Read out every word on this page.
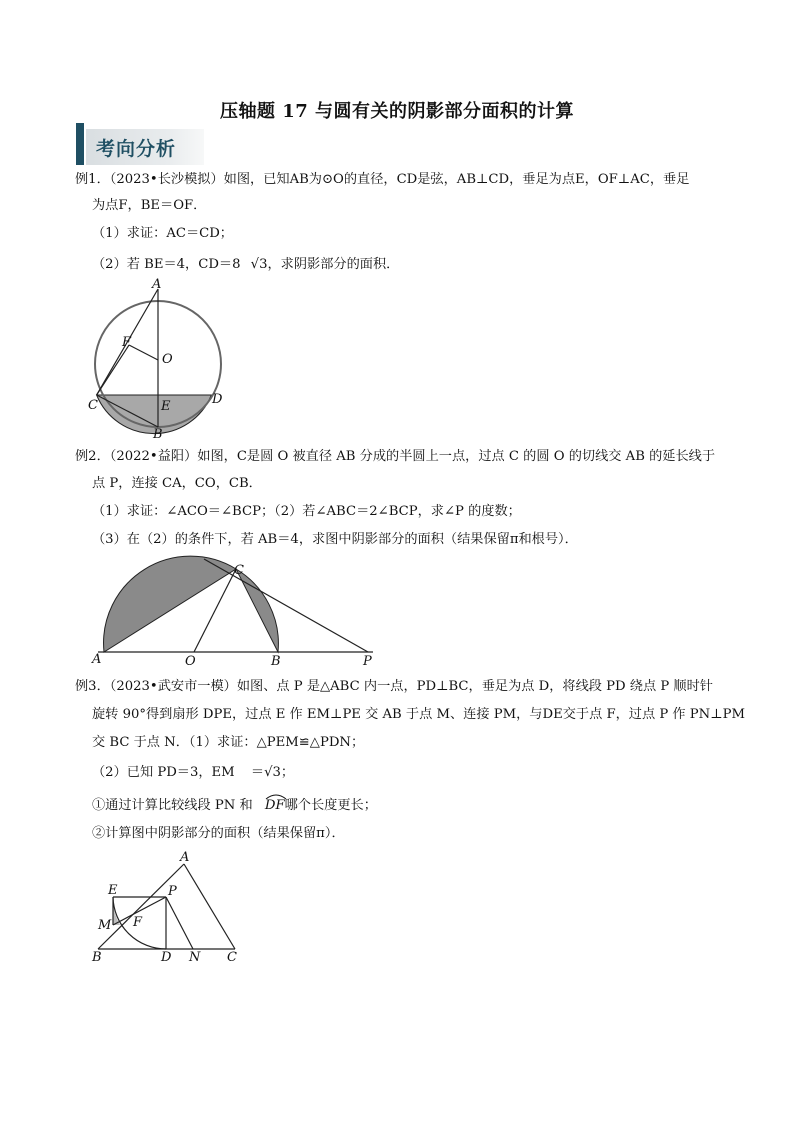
压轴题 17 与圆有关的阴影部分面积的计算
考向分析
例1．（2023•长沙模拟）如图，已知AB为⊙O的直径，CD是弦，AB⊥CD，垂足为点E，OF⊥AC，垂足
为点F，BE＝OF．
（1）求证：AC＝CD；
（2）若 BE＝4，CD＝8 √3，求阴影部分的面积．
A
F
O
C	E	D
B
例2．（2022•益阳）如图，C是圆 O 被直径 AB 分成的半圆上一点，过点 C 的圆 O 的切线交 AB 的延长线于
点 P，连接 CA，CO，CB．
（1）求证：∠ACO＝∠BCP；（2）若∠ABC＝2∠BCP，求∠P 的度数；
（3）在（2）的条件下，若 AB＝4，求图中阴影部分的面积（结果保留π和根号）．
A	O	B	P
C
例3．（2023•武安市一模）如图、点 P 是△ABC 内一点，PD⊥BC，垂足为点 D，将线段 PD 绕点 P 顺时针
旋转 90°得到扇形 DPE，过点 E 作 EM⊥PE 交 AB 于点 M、连接 PM，与DE交于点 F，过点 P 作 PN⊥PM
交 BC 于点 N．（1）求证：△PEM≌△PDN；
（2）已知 PD＝3，EM ＝√3；
①通过计算比较线段 PN 和 DF哪个长度更长；
②计算图中阴影部分的面积（结果保留π）．
A
E	P
M F
B	D N C
